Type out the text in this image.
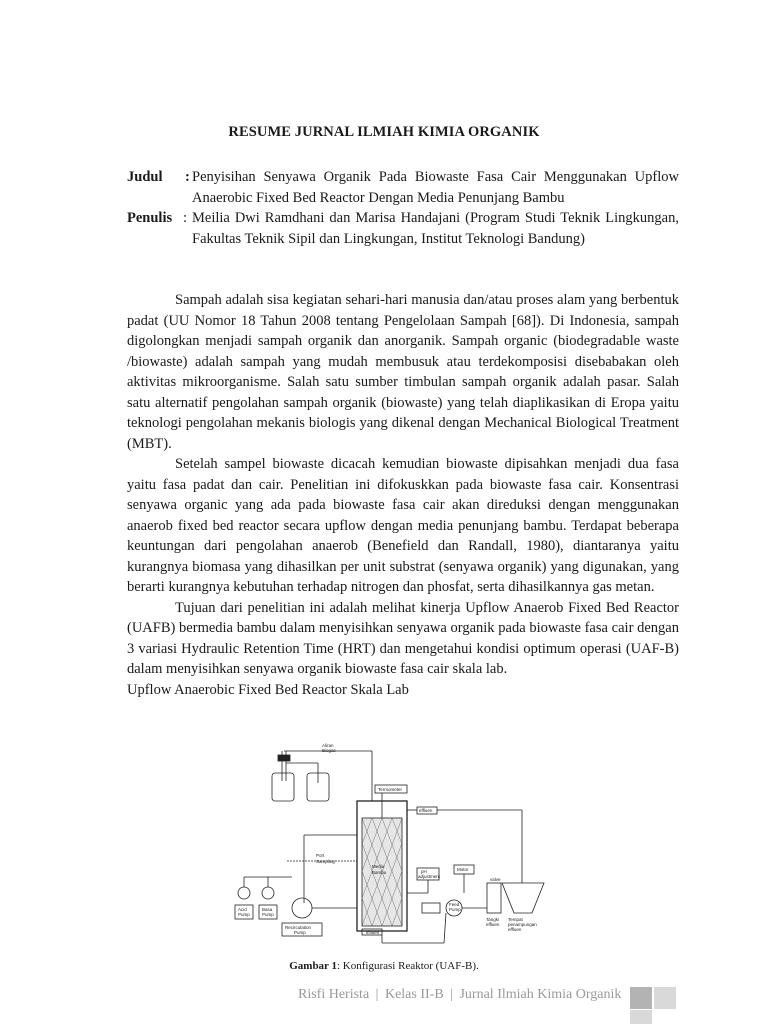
RESUME JURNAL ILMIAH KIMIA ORGANIK
Judul : Penyisihan Senyawa Organik Pada Biowaste Fasa Cair Menggunakan Upflow Anaerobic Fixed Bed Reactor Dengan Media Penunjang Bambu
Penulis : Meilia Dwi Ramdhani dan Marisa Handajani (Program Studi Teknik Lingkungan, Fakultas Teknik Sipil dan Lingkungan, Institut Teknologi Bandung)

Sampah adalah sisa kegiatan sehari-hari manusia dan/atau proses alam yang berbentuk padat (UU Nomor 18 Tahun 2008 tentang Pengelolaan Sampah [68]). Di Indonesia, sampah digolongkan menjadi sampah organik dan anorganik. Sampah organic (biodegradable waste /biowaste) adalah sampah yang mudah membusuk atau terdekomposisi disebabakan oleh aktivitas mikroorganisme. Salah satu sumber timbulan sampah organik adalah pasar. Salah satu alternatif pengolahan sampah organik (biowaste) yang telah diaplikasikan di Eropa yaitu teknologi pengolahan mekanis biologis yang dikenal dengan Mechanical Biological Treatment (MBT).

Setelah sampel biowaste dicacah kemudian biowaste dipisahkan menjadi dua fasa yaitu fasa padat dan cair. Penelitian ini difokuskkan pada biowaste fasa cair. Konsentrasi senyawa organic yang ada pada biowaste fasa cair akan direduksi dengan menggunakan anaerob fixed bed reactor secara upflow dengan media penunjang bambu. Terdapat beberapa keuntungan dari pengolahan anaerob (Benefield dan Randall, 1980), diantaranya yaitu kurangnya biomasa yang dihasilkan per unit substrat (senyawa organik) yang digunakan, yang berarti kurangnya kebutuhan terhadap nitrogen dan phosfat, serta dihasilkannya gas metan.

Tujuan dari penelitian ini adalah melihat kinerja Upflow Anaerob Fixed Bed Reactor (UAFB) bermedia bambu dalam menyisihkan senyawa organik pada biowaste fasa cair dengan 3 variasi Hydraulic Retention Time (HRT) dan mengetahui kondisi optimum operasi (UAF-B) dalam menyisihkan senyawa organik biowaste fasa cair skala lab.

Upflow Anaerobic Fixed Bed Reactor Skala Lab

Aliran
Biogas
Termometer
Media
Bambu
influen
effluen
Tempat
penampungan
effluen
Port
Sampling
Recirculation
Pump
Acid
Pump
Basa
Pump
pH
adjustment
Motor
Feed
Pump
Tangki
effluen
valve
Gambar 1: Konfigurasi Reaktor (UAF-B).
Risfi Herista | Kelas II-B | Jurnal Ilmiah Kimia Organik
